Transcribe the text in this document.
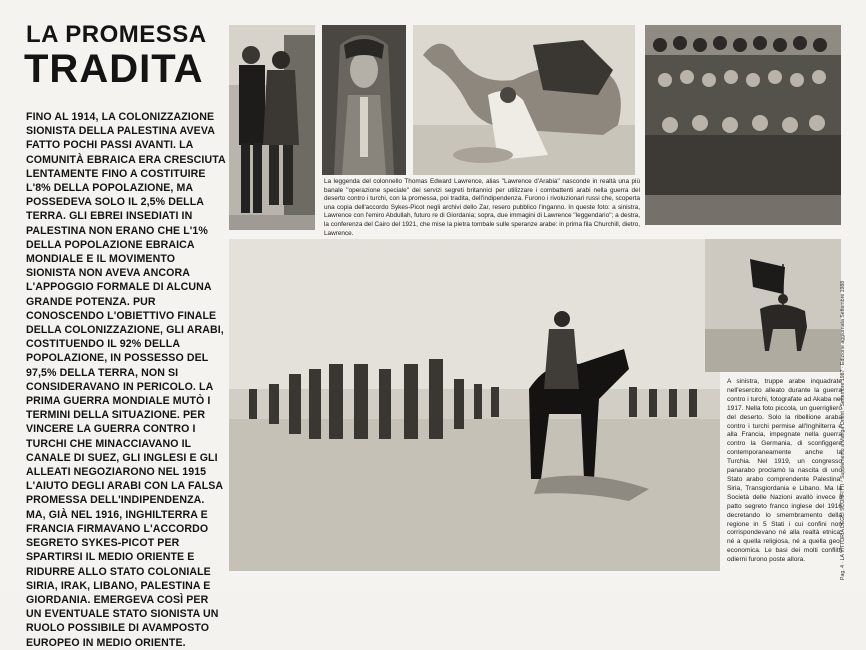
LA PROMESSA
TRADITA
FINO AL 1914, LA COLONIZZAZIONE SIONISTA DELLA PALESTINA AVEVA FATTO POCHI PASSI AVANTI. LA COMUNITÀ EBRAICA ERA CRESCIUTA LENTAMENTE FINO A COSTITUIRE L'8% DELLA POPOLAZIONE, MA POSSEDEVA SOLO IL 2,5% DELLA TERRA. GLI EBREI INSEDIATI IN PALESTINA NON ERANO CHE L'1% DELLA POPOLAZIONE EBRAICA MONDIALE E IL MOVIMENTO SIONISTA NON AVEVA ANCORA L'APPOGGIO FORMALE DI ALCUNA GRANDE POTENZA. PUR CONOSCENDO L'OBIETTIVO FINALE DELLA COLONIZZAZIONE, GLI ARABI, COSTITUENDO IL 92% DELLA POPOLAZIONE, IN POSSESSO DEL 97,5% DELLA TERRA, NON SI CONSIDERAVANO IN PERICOLO. LA PRIMA GUERRA MONDIALE MUTÒ I TERMINI DELLA SITUAZIONE. PER VINCERE LA GUERRA CONTRO I TURCHI CHE MINACCIAVANO IL CANALE DI SUEZ, GLI INGLESI E GLI ALLEATI NEGOZIARONO NEL 1915 L'AIUTO DEGLI ARABI CON LA FALSA PROMESSA DELL'INDIPENDENZA. MA, GIÀ NEL 1916, INGHILTERRA E FRANCIA FIRMAVANO L'ACCORDO SEGRETO SYKES-PICOT PER SPARTIRSI IL MEDIO ORIENTE E RIDURRE ALLO STATO COLONIALE SIRIA, IRAK, LIBANO, PALESTINA E GIORDANIA. EMERGEVA COSÌ PER UN EVENTUALE STATO SIONISTA UN RUOLO POSSIBILE DI AVAMPOSTO EUROPEO IN MEDIO ORIENTE.
La leggenda del colonnello Thomas Edward Lawrence, alias ''Lawrence d'Arabia'' nasconde in realtà una più banale ''operazione speciale'' dei servizi segreti britannici per utilizzare i combattenti arabi nella guerra del deserto contro i turchi, con la promessa, poi tradita, dell'indipendenza. Furono i rivoluzionari russi che, scoperta una copia dell'accordo Sykes-Picot negli archivi dello Zar, resero pubblico l'inganno. In queste foto: a sinistra, Lawrence con l'emiro Abdullah, futuro re di Giordania; sopra, due immagini di Lawrence ''leggendario''; a destra, la conferenza del Cairo del 1921, che mise la pietra tombale sulle speranze arabe: in prima fila Churchill, dietro, Lawrence.
A sinistra, truppe arabe inquadrate nell'esercito alleato durante la guerra contro i turchi, fotografate ad Akaba nel 1917. Nella foto piccola, un guerrigliero del deserto. Solo la ribellione araba contro i turchi permise all'Inghilterra e alla Francia, impegnate nella guerra contro la Germania, di sconfiggere contemporaneamente anche la Turchia. Nel 1919, un congresso panarabo proclamò la nascita di uno Stato arabo comprendente Palestina, Siria, Transgiordania e Libano. Ma la Società delle Nazioni avallò invece il patto segreto franco inglese del 1916 decretando lo smembramento della regione in 5 Stati i cui confini non corrispondevano né alla realtà etnica, né a quella religiosa, né a quella geo-economica. Le basi dei molti conflitti odierni furono poste allora.	Pag. 4 · LA VITTORIA DEGLI SCONFITTI · Supplemento a Manga Orient · Settembre 1987 · Edizione aggiornata Settembre 1988
